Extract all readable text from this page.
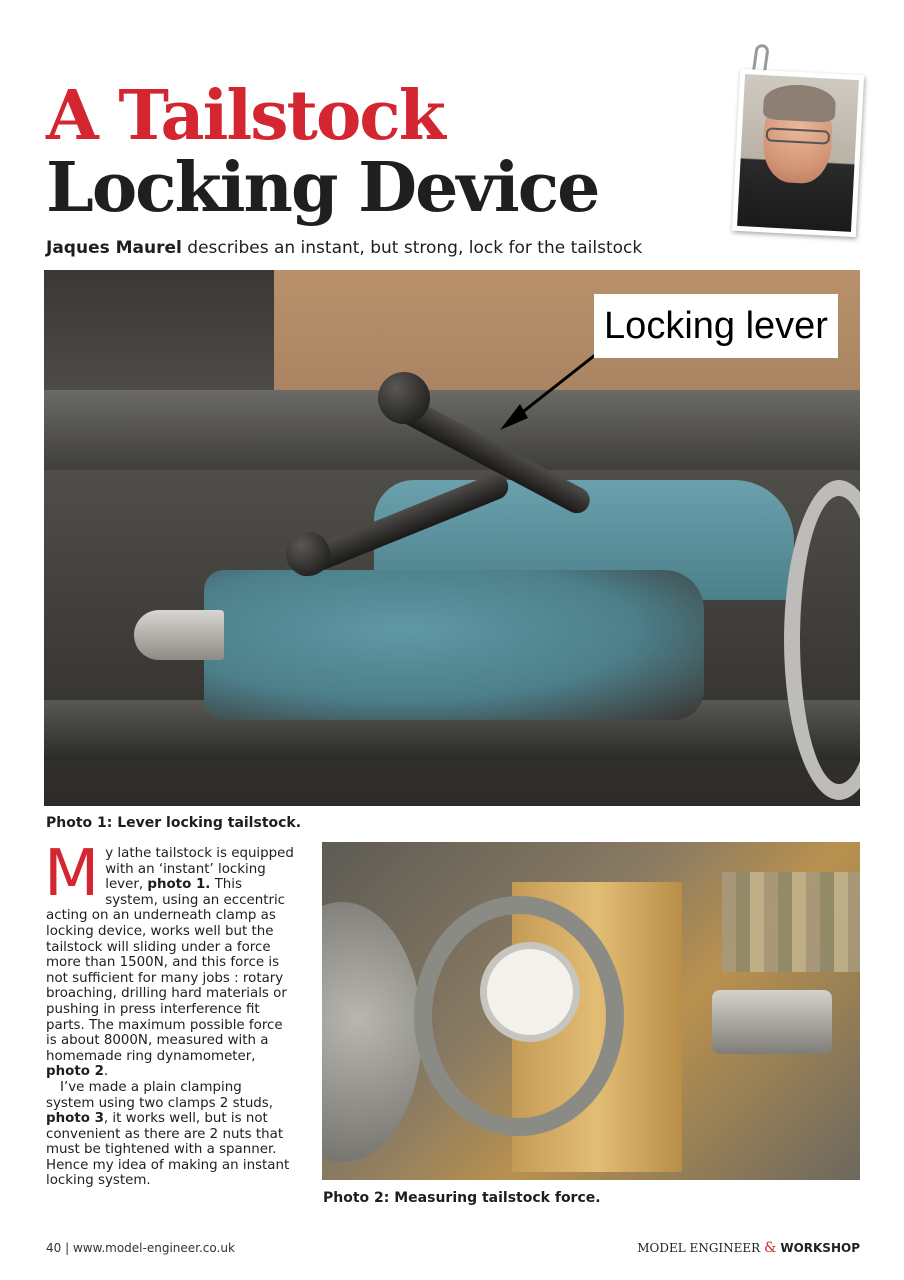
A Tailstock Locking Device
Jaques Maurel describes an instant, but strong, lock for the tailstock
Locking lever
Photo 1: Lever locking tailstock.

My lathe tailstock is equipped with an ‘instant’ locking lever, photo 1. This system, using an eccentric acting on an underneath clamp as locking device, works well but the tailstock will sliding under a force more than 1500N, and this force is not sufficient for many jobs : rotary broaching, drilling hard materials or pushing in press interference fit parts. The maximum possible force is about 8000N, measured with a homemade ring dynamometer, photo 2.

I’ve made a plain clamping system using two clamps 2 studs, photo 3, it works well, but is not convenient as there are 2 nuts that must be tightened with a spanner. Hence my idea of making an instant locking system.

Photo 2: Measuring tailstock force.
40 | www.model-engineer.co.uk	MODEL ENGINEER & WORKSHOP
